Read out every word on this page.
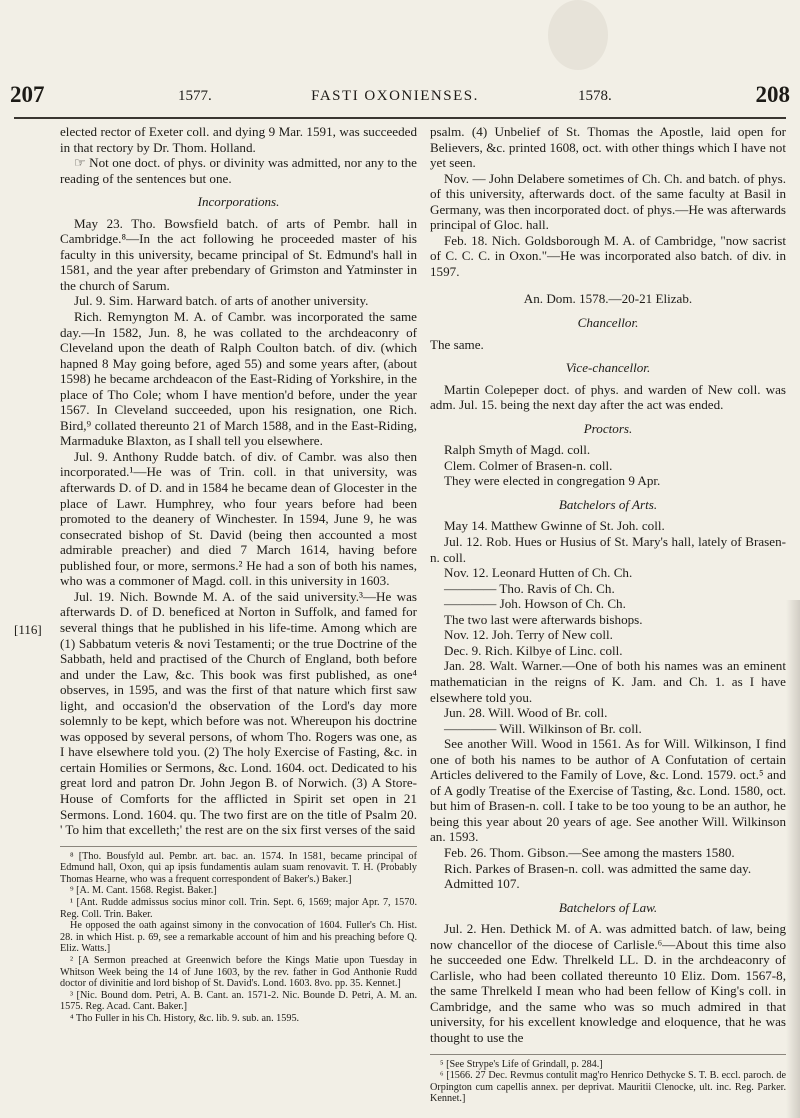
207	1577.	FASTI OXONIENSES.	1578.	208
[116]

elected rector of Exeter coll. and dying 9 Mar. 1591, was succeeded in that rectory by Dr. Thom. Holland.

☞ Not one doct. of phys. or divinity was admitted, nor any to the reading of the sentences but one.

Incorporations.

May 23. Tho. Bowsfield batch. of arts of Pembr. hall in Cambridge.⁸—In the act following he proceeded master of his faculty in this university, became principal of St. Edmund's hall in 1581, and the year after prebendary of Grimston and Yatminster in the church of Sarum.

Jul. 9. Sim. Harward batch. of arts of another university.

Rich. Remyngton M. A. of Cambr. was incorporated the same day.—In 1582, Jun. 8, he was collated to the archdeaconry of Cleveland upon the death of Ralph Coulton batch. of div. (which hapned 8 May going before, aged 55) and some years after, (about 1598) he became archdeacon of the East-Riding of Yorkshire, in the place of Tho Cole; whom I have mention'd before, under the year 1567. In Cleveland succeeded, upon his resignation, one Rich. Bird,⁹ collated thereunto 21 of March 1588, and in the East-Riding, Marmaduke Blaxton, as I shall tell you elsewhere.

Jul. 9. Anthony Rudde batch. of div. of Cambr. was also then incorporated.¹—He was of Trin. coll. in that university, was afterwards D. of D. and in 1584 he became dean of Glocester in the place of Lawr. Humphrey, who four years before had been promoted to the deanery of Winchester. In 1594, June 9, he was consecrated bishop of St. David (being then accounted a most admirable preacher) and died 7 March 1614, having before published four, or more, sermons.² He had a son of both his names, who was a commoner of Magd. coll. in this university in 1603.

Jul. 19. Nich. Bownde M. A. of the said university.³—He was afterwards D. of D. beneficed at Norton in Suffolk, and famed for several things that he published in his life-time. Among which are (1) Sabbatum veteris & novi Testamenti; or the true Doctrine of the Sabbath, held and practised of the Church of England, both before and under the Law, &c. This book was first published, as one⁴ observes, in 1595, and was the first of that nature which first saw light, and occasion'd the observation of the Lord's day more solemnly to be kept, which before was not. Whereupon his doctrine was opposed by several persons, of whom Tho. Rogers was one, as I have elsewhere told you. (2) The holy Exercise of Fasting, &c. in certain Homilies or Sermons, &c. Lond. 1604. oct. Dedicated to his great lord and patron Dr. John Jegon B. of Norwich. (3) A Store-House of Comforts for the afflicted in Spirit set open in 21 Sermons. Lond. 1604. qu. The two first are on the title of Psalm 20. ' To him that excelleth;' the rest are on the six first verses of the said

⁸ [Tho. Bousfyld aul. Pembr. art. bac. an. 1574. In 1581, became principal of Edmund hall, Oxon, qui ap ipsis fundamentis aulam suam renovavit. T. H. (Probably Thomas Hearne, who was a frequent correspondent of Baker's.) Baker.]

⁹ [A. M. Cant. 1568. Regist. Baker.]

¹ [Ant. Rudde admissus socius minor coll. Trin. Sept. 6, 1569; major Apr. 7, 1570. Reg. Coll. Trin. Baker.

He opposed the oath against simony in the convocation of 1604. Fuller's Ch. Hist. 28. in which Hist. p. 69, see a remarkable account of him and his preaching before Q. Eliz. Watts.]

² [A Sermon preached at Greenwich before the Kings Matie upon Tuesday in Whitson Week being the 14 of June 1603, by the rev. father in God Anthonie Rudd doctor of divinitie and lord bishop of St. David's. Lond. 1603. 8vo. pp. 35. Kennet.]

³ [Nic. Bound dom. Petri, A. B. Cant. an. 1571-2. Nic. Bounde D. Petri, A. M. an. 1575. Reg. Acad. Cant. Baker.]

⁴ Tho Fuller in his Ch. History, &c. lib. 9. sub. an. 1595.

psalm. (4) Unbelief of St. Thomas the Apostle, laid open for Believers, &c. printed 1608, oct. with other things which I have not yet seen.

Nov. — John Delabere sometimes of Ch. Ch. and batch. of phys. of this university, afterwards doct. of the same faculty at Basil in Germany, was then incorporated doct. of phys.—He was afterwards principal of Gloc. hall.

Feb. 18. Nich. Goldsborough M. A. of Cambridge, "now sacrist of C. C. C. in Oxon."—He was incorporated also batch. of div. in 1597.

An. Dom. 1578.—20-21 Elizab.

Chancellor.

The same.

Vice-chancellor.

Martin Colepeper doct. of phys. and warden of New coll. was adm. Jul. 15. being the next day after the act was ended.

Proctors.

Ralph Smyth of Magd. coll.

Clem. Colmer of Brasen-n. coll.

They were elected in congregation 9 Apr.

Batchelors of Arts.

May 14. Matthew Gwinne of St. Joh. coll.

Jul. 12. Rob. Hues or Husius of St. Mary's hall, lately of Brasen-n. coll.

Nov. 12. Leonard Hutten of Ch. Ch.

———— Tho. Ravis of Ch. Ch.

———— Joh. Howson of Ch. Ch.

The two last were afterwards bishops.

Nov. 12. Joh. Terry of New coll.

Dec. 9. Rich. Kilbye of Linc. coll.

Jan. 28. Walt. Warner.—One of both his names was an eminent mathematician in the reigns of K. Jam. and Ch. 1. as I have elsewhere told you.

Jun. 28. Will. Wood of Br. coll.

———— Will. Wilkinson of Br. coll.

See another Will. Wood in 1561. As for Will. Wilkinson, I find one of both his names to be author of A Confutation of certain Articles delivered to the Family of Love, &c. Lond. 1579. oct.⁵ and of A godly Treatise of the Exercise of Tasting, &c. Lond. 1580, oct. but him of Brasen-n. coll. I take to be too young to be an author, he being this year about 20 years of age. See another Will. Wilkinson an. 1593.

Feb. 26. Thom. Gibson.—See among the masters 1580.

Rich. Parkes of Brasen-n. coll. was admitted the same day.

Admitted 107.

Batchelors of Law.

Jul. 2. Hen. Dethick M. of A. was admitted batch. of law, being now chancellor of the diocese of Carlisle.⁶—About this time also he succeeded one Edw. Threlkeld LL. D. in the archdeaconry of Carlisle, who had been collated thereunto 10 Eliz. Dom. 1567-8, the same Threlkeld I mean who had been fellow of King's coll. in Cambridge, and the same who was so much admired in that university, for his excellent knowledge and eloquence, that he was thought to use the

⁵ [See Strype's Life of Grindall, p. 284.]

⁶ [1566. 27 Dec. Revmus contulit mag'ro Henrico Dethycke S. T. B. eccl. paroch. de Orpington cum capellis annex. per deprivat. Mauritii Clenocke, ult. inc. Reg. Parker. Kennet.]
